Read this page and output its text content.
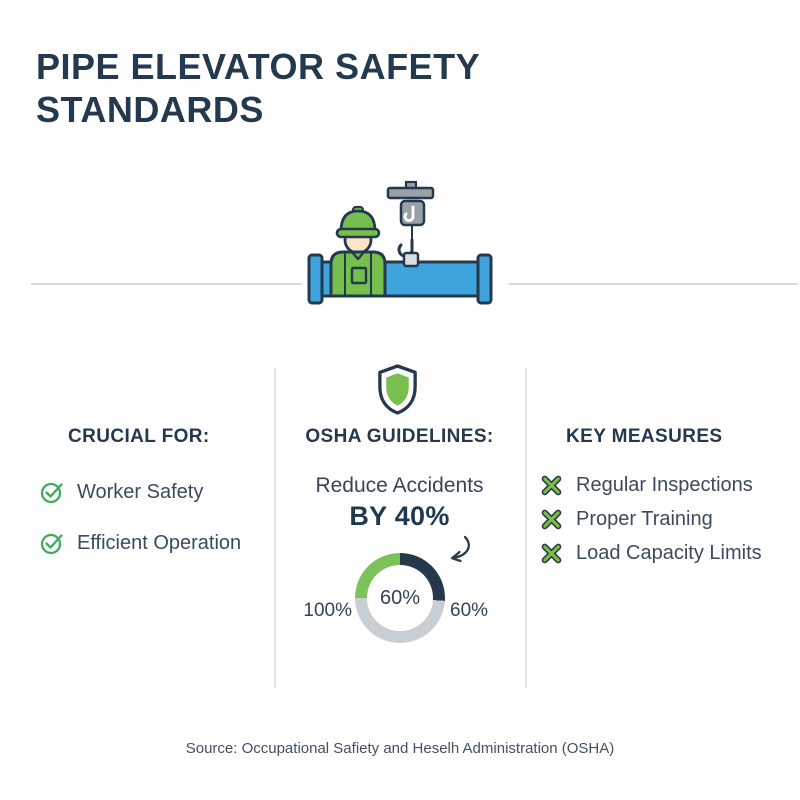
PIPE ELEVATOR SAFETY STANDARDS
CRUCIAL FOR:
Worker Safety
Efficient Operation
OSHA GUIDELINES:
Reduce Accidents
BY 40%
60%
100%	60%
KEY MEASURES
Regular Inspections
Proper Training
Load Capacity Limits
Source: Occupational Safiety and Heselh Administration (OSHA)
